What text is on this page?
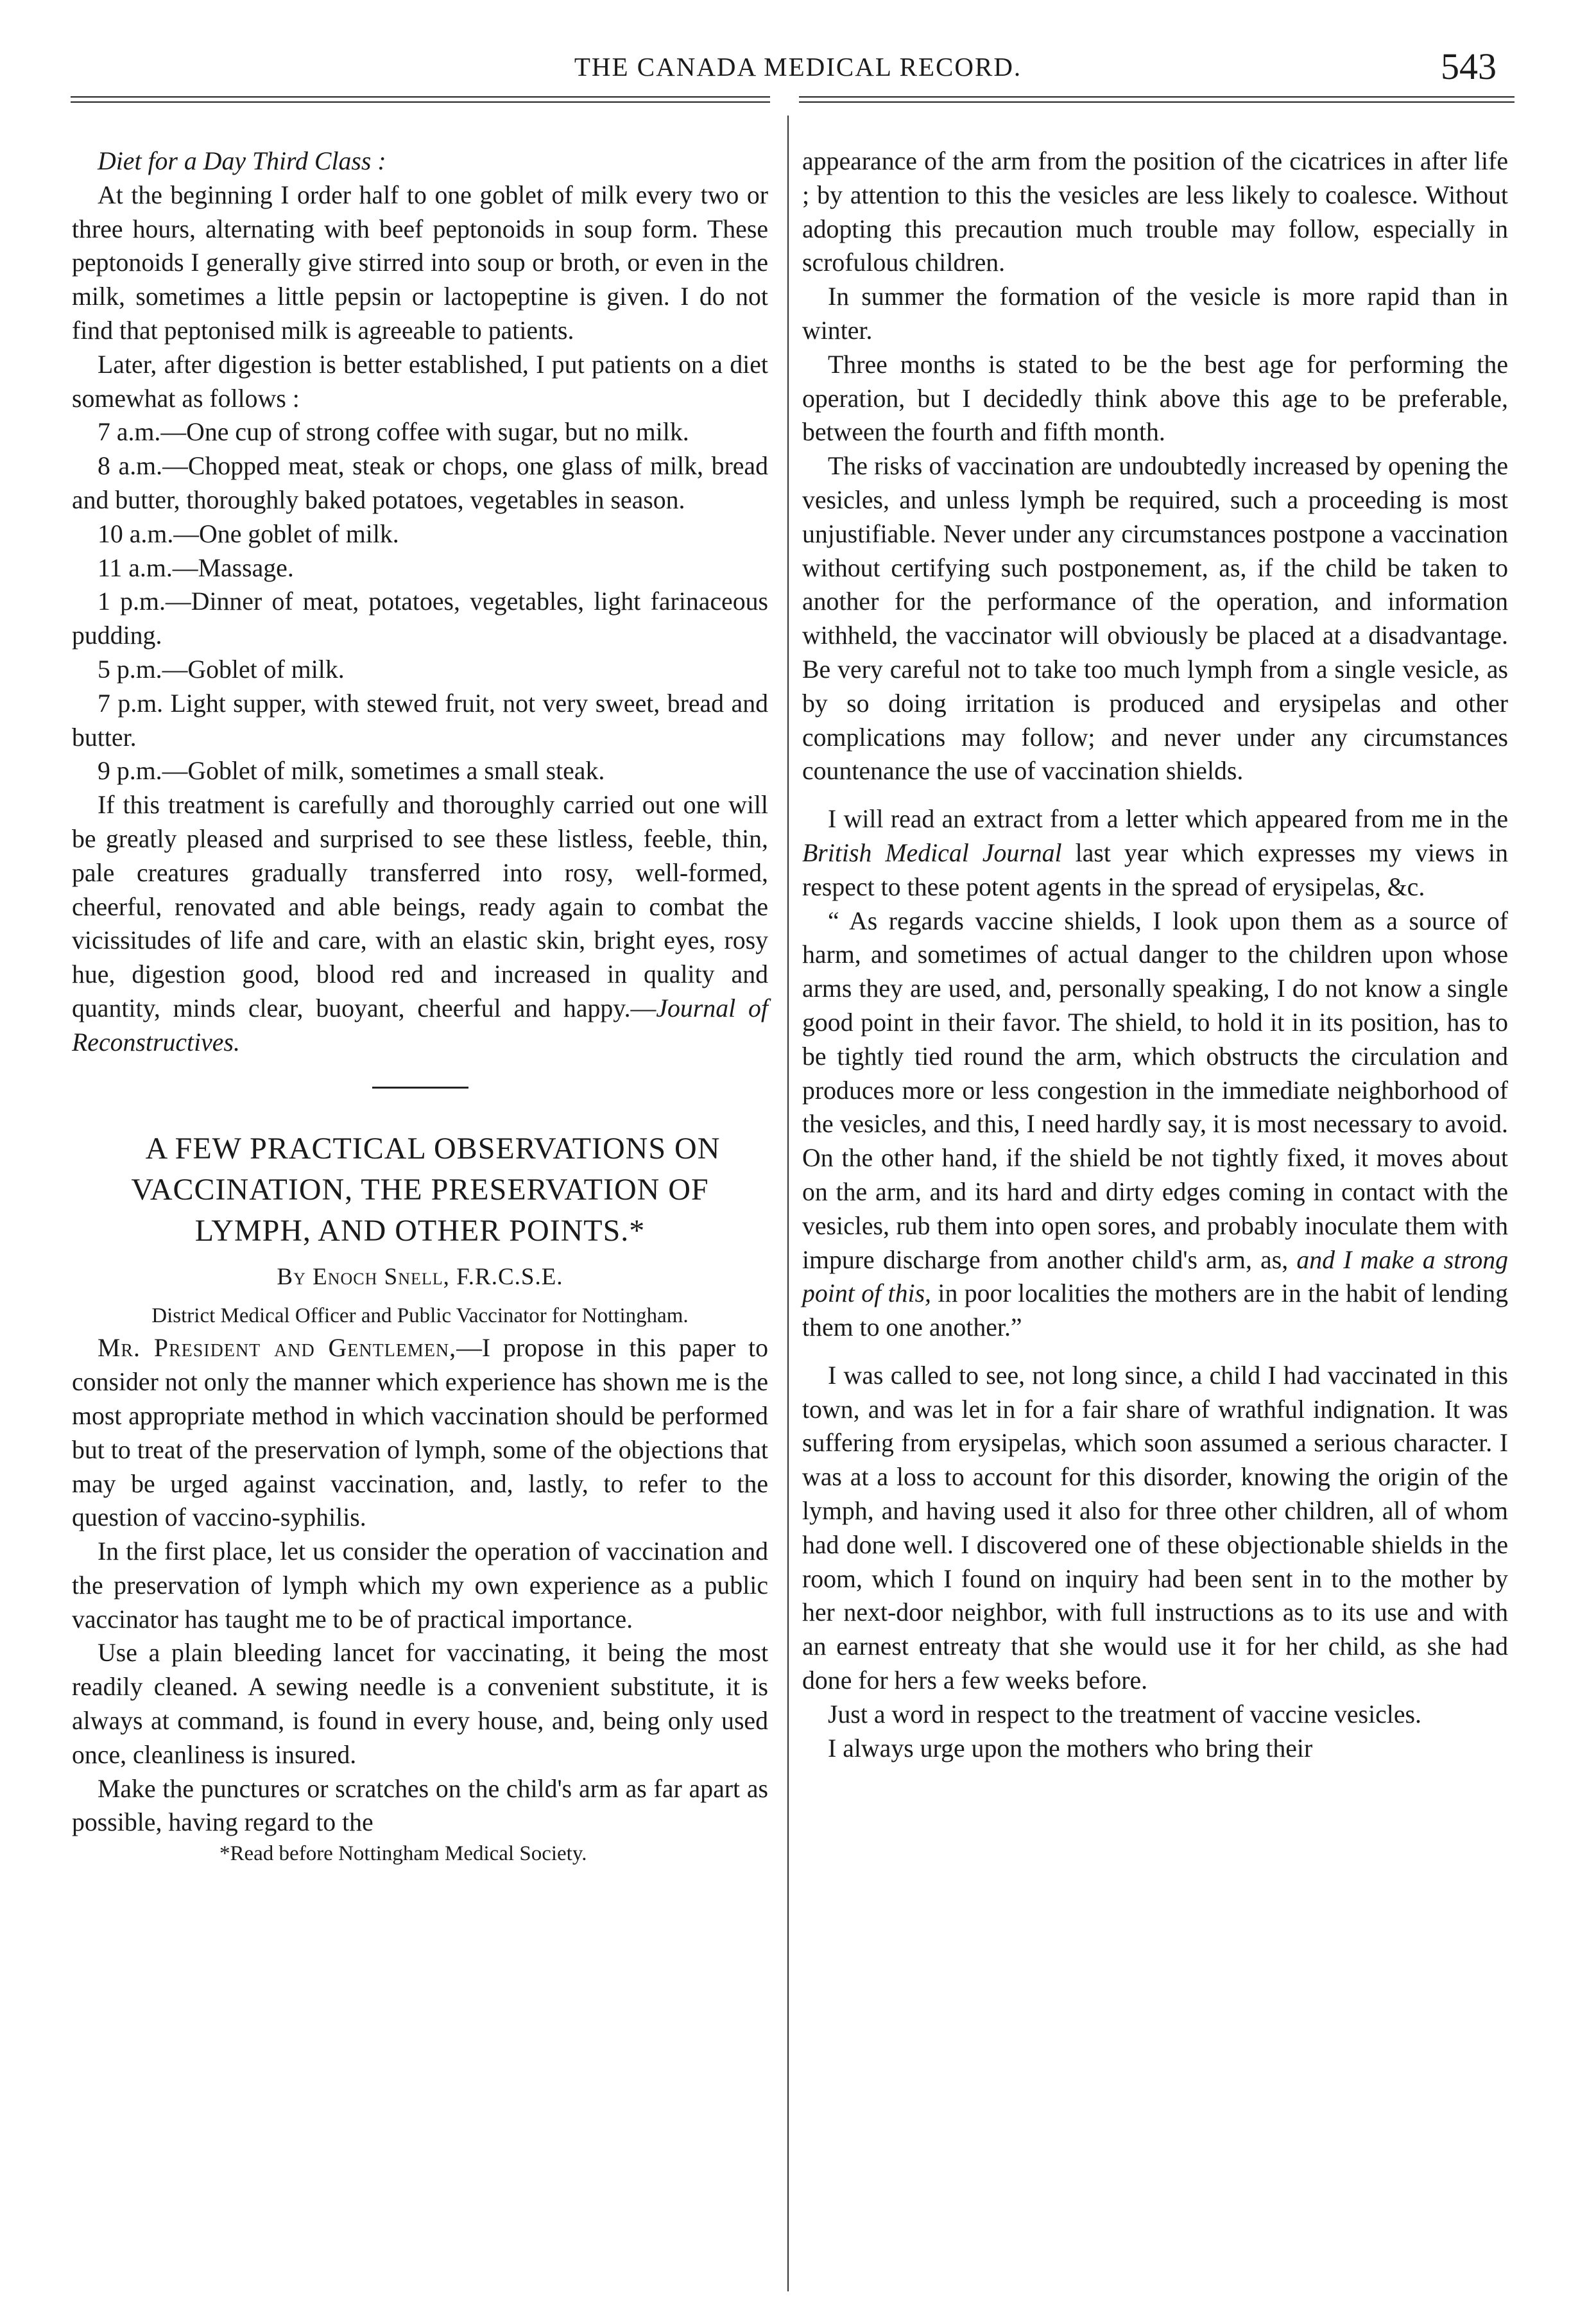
THE CANADA MEDICAL RECORD.	543

Diet for a Day Third Class :

At the beginning I order half to one goblet of milk every two or three hours, alternating with beef peptonoids in soup form. These peptonoids I generally give stirred into soup or broth, or even in the milk, sometimes a little pepsin or lactopeptine is given. I do not find that peptonised milk is agreeable to patients.

Later, after digestion is better established, I put patients on a diet somewhat as follows :

7 a.m.—One cup of strong coffee with sugar, but no milk.

8 a.m.—Chopped meat, steak or chops, one glass of milk, bread and butter, thoroughly baked potatoes, vegetables in season.

10 a.m.—One goblet of milk.

11 a.m.—Massage.

1 p.m.—Dinner of meat, potatoes, vegetables, light farinaceous pudding.

5 p.m.—Goblet of milk.

7 p.m. Light supper, with stewed fruit, not very sweet, bread and butter.

9 p.m.—Goblet of milk, sometimes a small steak.

If this treatment is carefully and thoroughly carried out one will be greatly pleased and surprised to see these listless, feeble, thin, pale creatures gradually transferred into rosy, well-formed, cheerful, renovated and able beings, ready again to combat the vicissitudes of life and care, with an elastic skin, bright eyes, rosy hue, digestion good, blood red and increased in quality and quantity, minds clear, buoyant, cheerful and happy.—Journal of Reconstructives.

A FEW PRACTICAL OBSERVATIONS ON VACCINATION, THE PRESERVATION OF LYMPH, AND OTHER POINTS.*

By Enoch Snell, F.R.C.S.E.

District Medical Officer and Public Vaccinator for Nottingham.

Mr. President and Gentlemen,—I propose in this paper to consider not only the manner which experience has shown me is the most appropriate method in which vaccination should be performed but to treat of the preservation of lymph, some of the objections that may be urged against vaccination, and, lastly, to refer to the question of vaccino-syphilis.

In the first place, let us consider the operation of vaccination and the preservation of lymph which my own experience as a public vaccinator has taught me to be of practical importance.

Use a plain bleeding lancet for vaccinating, it being the most readily cleaned. A sewing needle is a convenient substitute, it is always at command, is found in every house, and, being only used once, cleanliness is insured.

Make the punctures or scratches on the child's arm as far apart as possible, having regard to the

*Read before Nottingham Medical Society.

appearance of the arm from the position of the cicatrices in after life ; by attention to this the vesicles are less likely to coalesce. Without adopting this precaution much trouble may follow, especially in scrofulous children.

In summer the formation of the vesicle is more rapid than in winter.

Three months is stated to be the best age for performing the operation, but I decidedly think above this age to be preferable, between the fourth and fifth month.

The risks of vaccination are undoubtedly increased by opening the vesicles, and unless lymph be required, such a proceeding is most unjustifiable. Never under any circumstances postpone a vaccination without certifying such postponement, as, if the child be taken to another for the performance of the operation, and information withheld, the vaccinator will obviously be placed at a disadvantage. Be very careful not to take too much lymph from a single vesicle, as by so doing irritation is produced and erysipelas and other complications may follow; and never under any circumstances countenance the use of vaccination shields.

I will read an extract from a letter which appeared from me in the British Medical Journal last year which expresses my views in respect to these potent agents in the spread of erysipelas, &c.

“ As regards vaccine shields, I look upon them as a source of harm, and sometimes of actual danger to the children upon whose arms they are used, and, personally speaking, I do not know a single good point in their favor. The shield, to hold it in its position, has to be tightly tied round the arm, which obstructs the circulation and produces more or less congestion in the immediate neighborhood of the vesicles, and this, I need hardly say, it is most necessary to avoid. On the other hand, if the shield be not tightly fixed, it moves about on the arm, and its hard and dirty edges coming in contact with the vesicles, rub them into open sores, and probably inoculate them with impure discharge from another child's arm, as, and I make a strong point of this, in poor localities the mothers are in the habit of lending them to one another.”

I was called to see, not long since, a child I had vaccinated in this town, and was let in for a fair share of wrathful indignation. It was suffering from erysipelas, which soon assumed a serious character. I was at a loss to account for this disorder, knowing the origin of the lymph, and having used it also for three other children, all of whom had done well. I discovered one of these objectionable shields in the room, which I found on inquiry had been sent in to the mother by her next-door neighbor, with full instructions as to its use and with an earnest entreaty that she would use it for her child, as she had done for hers a few weeks before.

Just a word in respect to the treatment of vaccine vesicles.

I always urge upon the mothers who bring their
